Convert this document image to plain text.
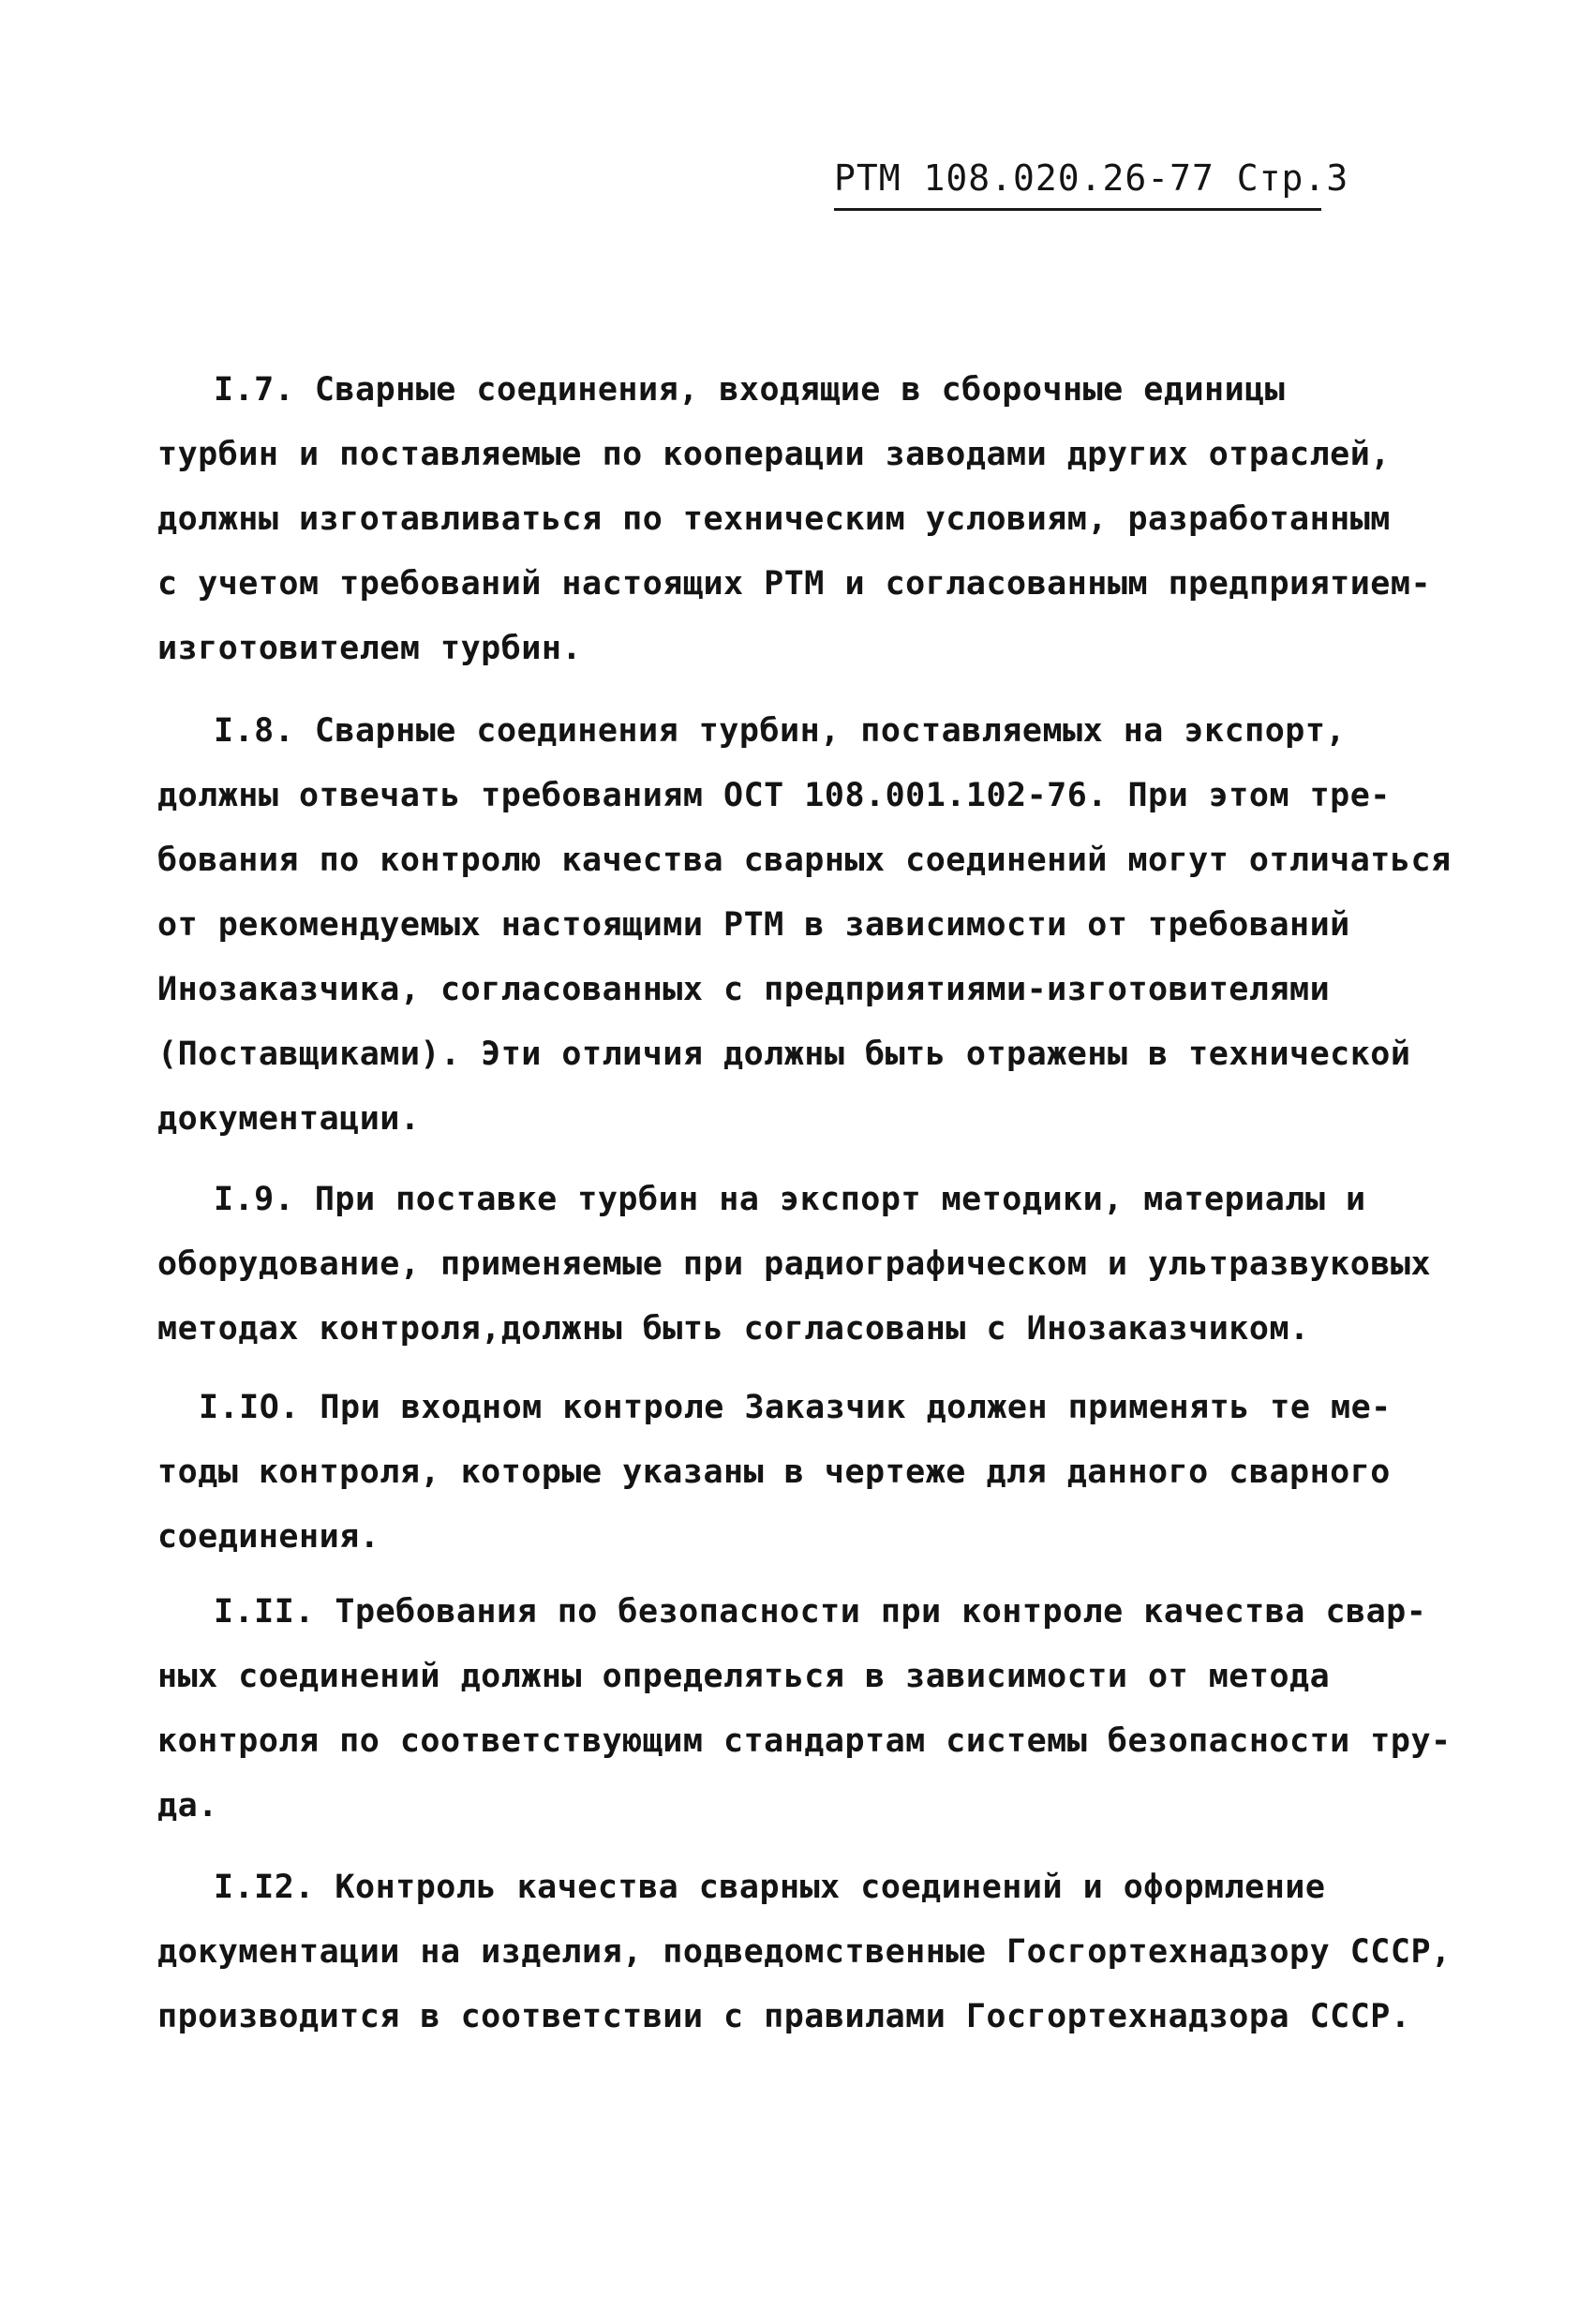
РТМ 108.020.26-77 Стр.3
I.7. Сварные соединения, входящие в сборочные единицы
турбин и поставляемые по кооперации заводами других отраслей,
должны изготавливаться по техническим условиям, разработанным
с учетом требований настоящих РТМ и согласованным предприятием-
изготовителем турбин.
I.8. Сварные соединения турбин, поставляемых на экспорт,
должны отвечать требованиям ОСТ 108.001.102-76. При этом тре-
бования по контролю качества сварных соединений могут отличаться
от рекомендуемых настоящими РТМ в зависимости от требований
Инозаказчика, согласованных с предприятиями-изготовителями
(Поставщиками). Эти отличия должны быть отражены в технической
документации.
I.9. При поставке турбин на экспорт методики, материалы и
оборудование, применяемые при радиографическом и ультразвуковых
методах контроля,должны быть согласованы с Инозаказчиком.
I.IO. При входном контроле Заказчик должен применять те ме-
тоды контроля, которые указаны в чертеже для данного сварного
соединения.
I.II. Требования по безопасности при контроле качества свар-
ных соединений должны определяться в зависимости от метода
контроля по соответствующим стандартам системы безопасности тру-
да.
I.I2. Контроль качества сварных соединений и оформление
документации на изделия, подведомственные Госгортехнадзору СССР,
производится в соответствии с правилами Госгортехнадзора СССР.
